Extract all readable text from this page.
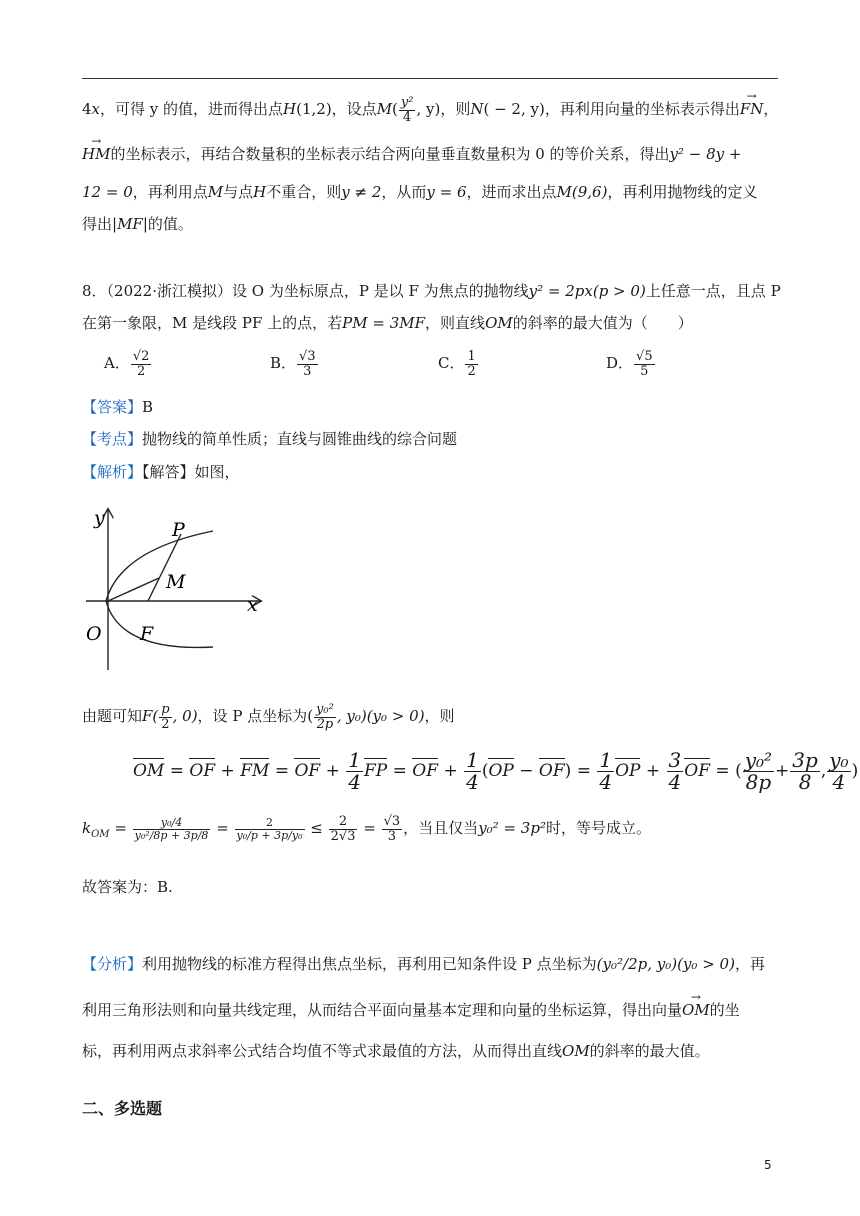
4x，可得 y 的值，进而得出点H(1,2)，设点$M( \frac{\text{y²}}{4}$ , y)，则N( − 2, y)，再利用向量的坐标表示得出→ FN，
→ HM的坐标表示，再结合数量积的坐标表示结合两向量垂直数量积为 0 的等价关系，得出y² − 8y +
12 = 0，再利用点M与点H不重合，则y ≠ 2，从而y = 6，进而求出点M(9,6)，再利用抛物线的定义
得出|MF|的值。
8．（2022·浙江模拟）设 O 为坐标原点，P 是以 F 为焦点的抛物线y² = 2px(p > 0)上任意一点，且点 P
在第一象限，M 是线段 PF 上的点，若PM = 3MF，则直线OM的斜率的最大值为（　　）
A． $\frac{√2}{2}$	B． $\frac{√3}{3}$	C． $\frac{1}{2}$	D． $\frac{√5}{5}$
【答案】B
【考点】抛物线的简单性质；直线与圆锥曲线的综合问题
【解析】【解答】如图，
y
x
O F
P
M
由题可知$F( \frac{p}{2}$ , 0)，设 P 点坐标为( $\frac{\text{y₀²}}{2p}$ , y₀)(y₀ > 0)，则
OM = OF + FM = OF + $\frac{1}{4}$ FP = OF + $\frac{1}{4} (OP - OF) = \frac{1}{4}$ OP + $\frac{3}{4}$ OF = ( $\frac{\text{y₀²}}{8p} + \frac{3p}{8}$ , $\frac{\text{y₀}}{4}$ )
$k_{OM} = \frac{\text{y₀/4}}{\text{y₀²/8p + 3p/8}} = \frac{2}{\text{y₀/p + 3p/y₀}} \le \frac{2}{2√3} = \frac{√3}{3}$ ，当且仅当y₀² = 3p²时，等号成立。
故答案为：B.
【分析】利用抛物线的标准方程得出焦点坐标，再利用已知条件设 P 点坐标为(y₀²/2p, y₀)(y₀ > 0)，再
利用三角形法则和向量共线定理，从而结合平面向量基本定理和向量的坐标运算，得出向量→ OM的坐
标，再利用两点求斜率公式结合均值不等式求最值的方法，从而得出直线OM的斜率的最大值。
二、多选题
5
